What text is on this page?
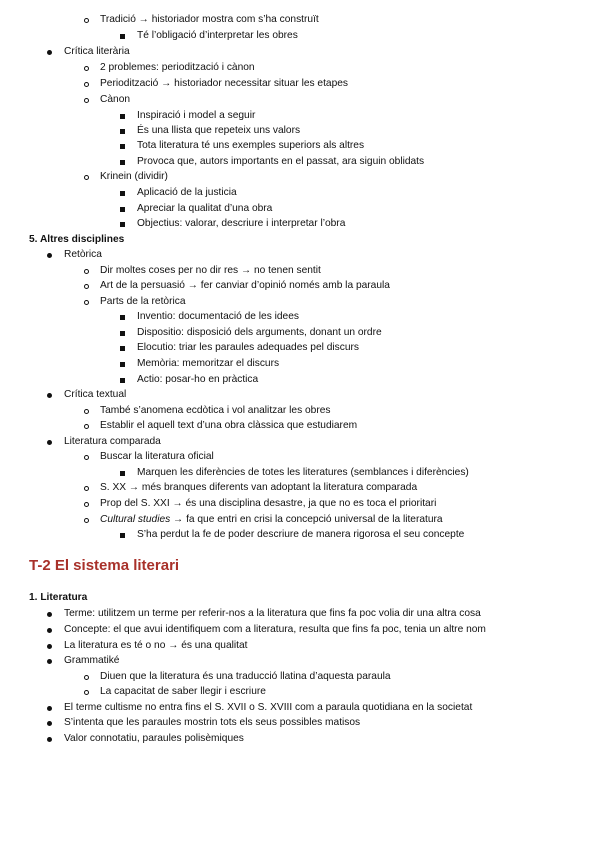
Tradició → historiador mostra com s’ha construït
Té l’obligació d’interpretar les obres
Crítica literària
2 problemes: periodització i cànon
Periodització → historiador necessitar situar les etapes
Cànon
Inspiració i model a seguir
És una llista que repeteix uns valors
Tota literatura té uns exemples superiors als altres
Provoca que, autors importants en el passat, ara siguin oblidats
Krinein (dividir)
Aplicació de la justicia
Apreciar la qualitat d’una obra
Objectius: valorar, descriure i interpretar l’obra
5. Altres disciplines
Retòrica
Dir moltes coses per no dir res → no tenen sentit
Art de la persuasió → fer canviar d’opinió només amb la paraula
Parts de la retòrica
Inventio: documentació de les idees
Dispositio: disposició dels arguments, donant un ordre
Elocutio: triar les paraules adequades pel discurs
Memòria: memoritzar el discurs
Actio: posar-ho en pràctica
Crítica textual
També s’anomena ecdòtica i vol analitzar les obres
Establir el aquell text d’una obra clàssica que estudiarem
Literatura comparada
Buscar la literatura oficial
Marquen les diferències de totes les literatures (semblances i diferències)
S. XX → més branques diferents van adoptant la literatura comparada
Prop del S. XXI → és una disciplina desastre, ja que no es toca el prioritari
Cultural studies → fa que entri en crisi la concepció universal de la literatura
S’ha perdut la fe de poder descriure de manera rigorosa el seu concepte
T-2 El sistema literari
1. Literatura
Terme: utilitzem un terme per referir-nos a la literatura que fins fa poc volia dir una altra cosa
Concepte: el que avui identifiquem com a literatura, resulta que fins fa poc, tenia un altre nom
La literatura es té o no → és una qualitat
Grammatiké
Diuen que la literatura és una traducció llatina d’aquesta paraula
La capacitat de saber llegir i escriure
El terme cultisme no entra fins el S. XVII o S. XVIII com a paraula quotidiana en la societat
S’intenta que les paraules mostrin tots els seus possibles matisos
Valor connotatiu, paraules polisèmiques
